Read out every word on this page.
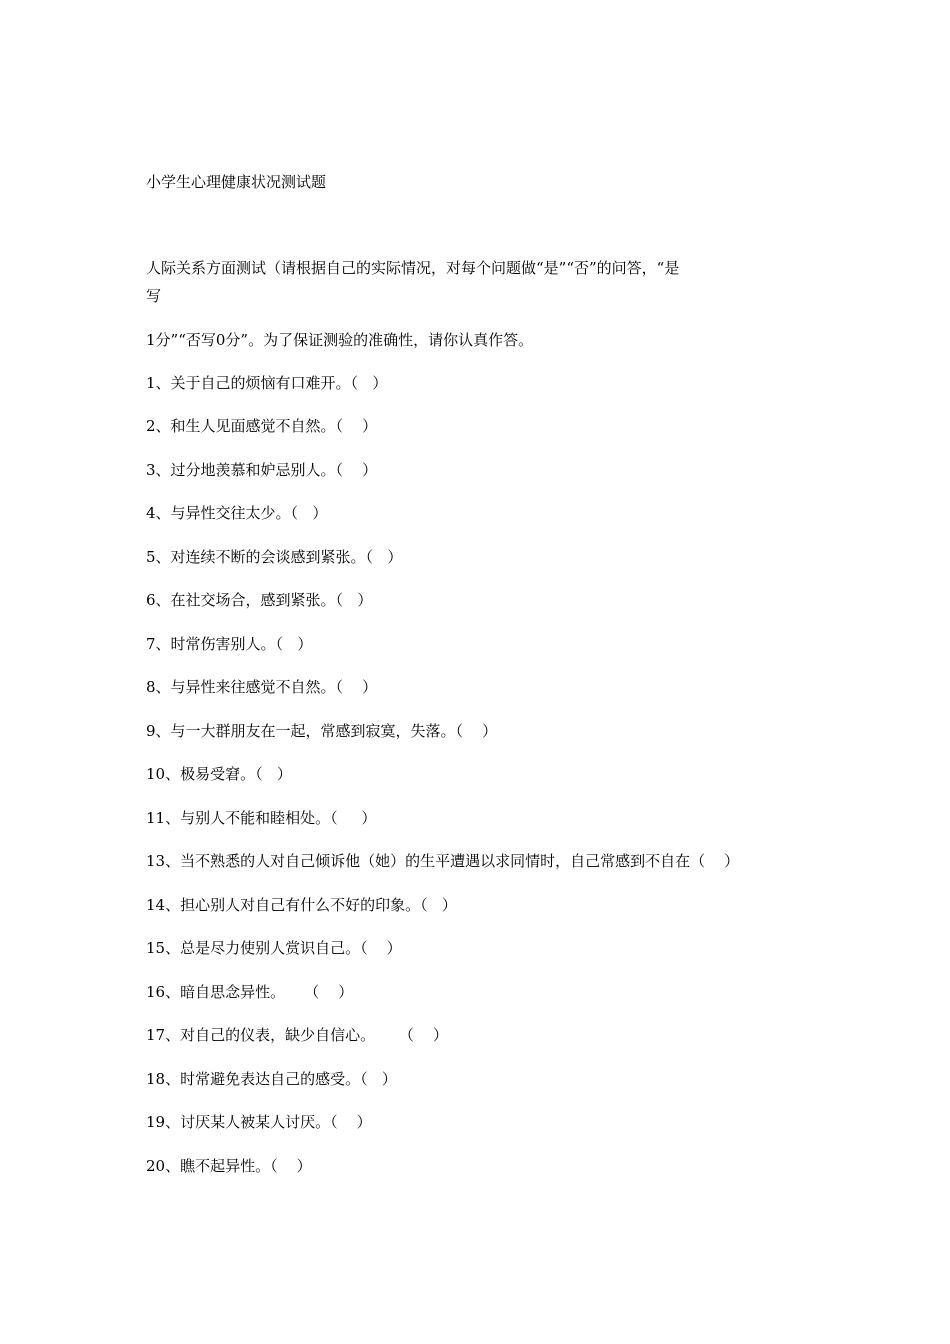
小学生心理健康状况测试题
人际关系方面测试（请根据自己的实际情况，对每个问题做“是”“否”的问答，“是
写
1分”“否写0分”。为了保证测验的准确性，请你认真作答。
1、关于自己的烦恼有口难开。（   ）
2、和生人见面感觉不自然。（    ）
3、过分地羡慕和妒忌别人。（    ）
4、与异性交往太少。（   ）
5、对连续不断的会谈感到紧张。（   ）
6、在社交场合，感到紧张。（   ）
7、时常伤害别人。（   ）
8、与异性来往感觉不自然。（    ）
9、与一大群朋友在一起，常感到寂寞，失落。（    ）
10、极易受窘。（   ）
11、与别人不能和睦相处。（     ）
13、当不熟悉的人对自己倾诉他（她）的生平遭遇以求同情时，自己常感到不自在（    ）
14、担心别人对自己有什么不好的印象。（   ）
15、总是尽力使别人赏识自己。（    ）
16、暗自思念异性。    （    ）
17、对自己的仪表，缺少自信心。     （    ）
18、时常避免表达自己的感受。（   ）
19、讨厌某人被某人讨厌。（    ）
20、瞧不起异性。（    ）
